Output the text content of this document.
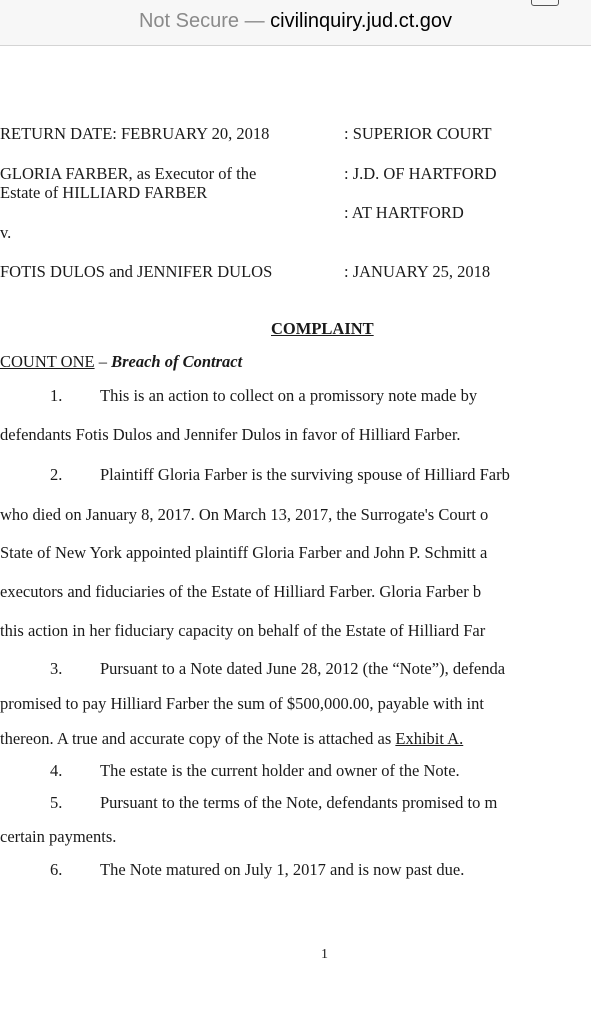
Not Secure — civilinquiry.jud.ct.gov
RETURN DATE: FEBRUARY 20, 2018	: SUPERIOR COURT
GLORIA FARBER, as Executor of the	: J.D. OF HARTFORD
Estate of HILLIARD FARBER
: AT HARTFORD
v.
FOTIS DULOS and JENNIFER DULOS	: JANUARY 25, 2018
COMPLAINT
COUNT ONE – Breach of Contract
1. This is an action to collect on a promissory note made by
defendants Fotis Dulos and Jennifer Dulos in favor of Hilliard Farber.
2. Plaintiff Gloria Farber is the surviving spouse of Hilliard Farb
who died on January 8, 2017. On March 13, 2017, the Surrogate's Court o
State of New York appointed plaintiff Gloria Farber and John P. Schmitt a
executors and fiduciaries of the Estate of Hilliard Farber. Gloria Farber b
this action in her fiduciary capacity on behalf of the Estate of Hilliard Far
3. Pursuant to a Note dated June 28, 2012 (the “Note”), defenda
promised to pay Hilliard Farber the sum of $500,000.00, payable with int
thereon. A true and accurate copy of the Note is attached as Exhibit A.
4. The estate is the current holder and owner of the Note.
5. Pursuant to the terms of the Note, defendants promised to m
certain payments.
6. The Note matured on July 1, 2017 and is now past due.
1
